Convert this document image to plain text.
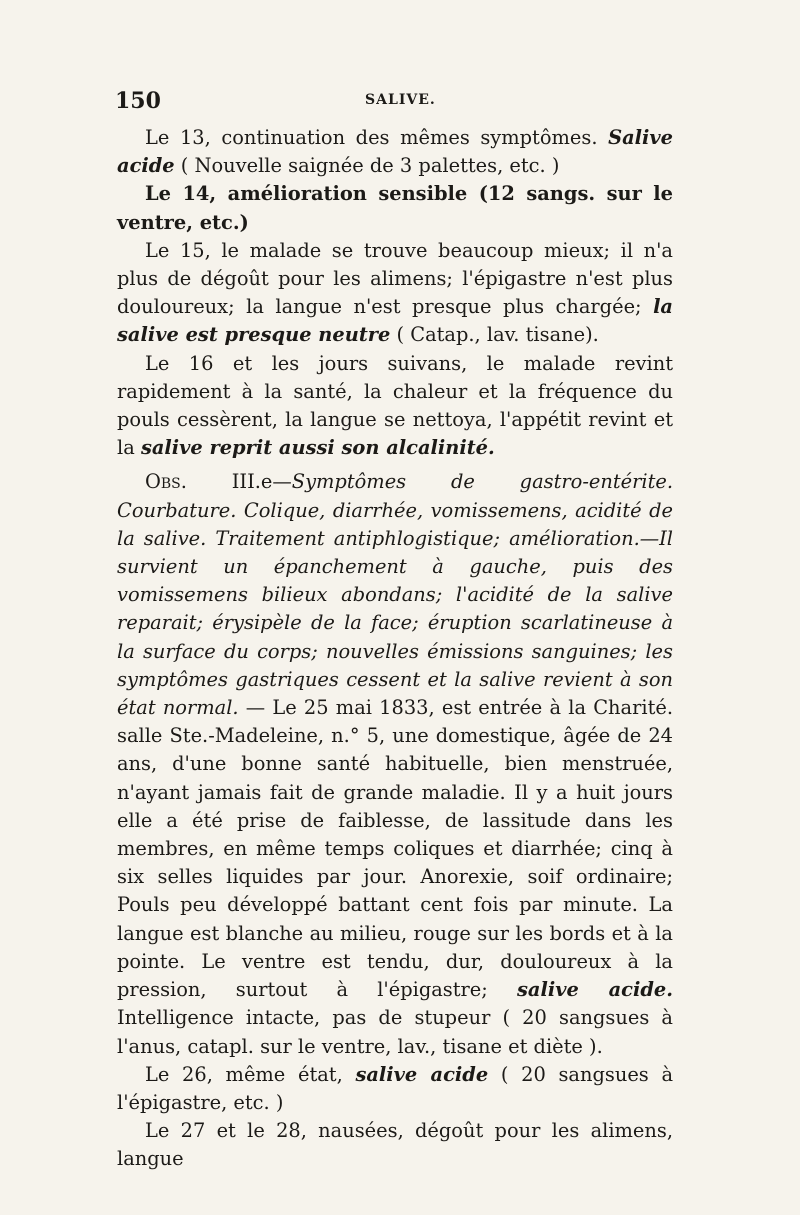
150	SALIVE.

Le 13, continuation des mêmes symptômes. Salive acide ( Nouvelle saignée de 3 palettes, etc. )

Le 14, amélioration sensible (12 sangs. sur le ventre, etc.)

Le 15, le malade se trouve beaucoup mieux; il n'a plus de dégoût pour les alimens; l'épigastre n'est plus douloureux; la langue n'est presque plus chargée; la salive est presque neutre ( Catap., lav. tisane).

Le 16 et les jours suivans, le malade revint rapidement à la santé, la chaleur et la fréquence du pouls cessèrent, la langue se nettoya, l'appétit revint et la salive reprit aussi son alcalinité.

Obs. III.e—Symptômes de gastro-entérite. Courbature. Colique, diarrhée, vomissemens, acidité de la salive. Traitement antiphlogistique; amélioration.—Il survient un épanchement à gauche, puis des vomissemens bilieux abondans; l'acidité de la salive reparait; érysipèle de la face; éruption scarlatineuse à la surface du corps; nouvelles émissions sanguines; les symptômes gastriques cessent et la salive revient à son état normal. — Le 25 mai 1833, est entrée à la Charité. salle Ste.-Madeleine, n.° 5, une domestique, âgée de 24 ans, d'une bonne santé habituelle, bien menstruée, n'ayant jamais fait de grande maladie. Il y a huit jours elle a été prise de faiblesse, de lassitude dans les membres, en même temps coliques et diarrhée; cinq à six selles liquides par jour. Anorexie, soif ordinaire; Pouls peu développé battant cent fois par minute. La langue est blanche au milieu, rouge sur les bords et à la pointe. Le ventre est tendu, dur, douloureux à la pression, surtout à l'épigastre; salive acide. Intelligence intacte, pas de stupeur ( 20 sangsues à l'anus, catapl. sur le ventre, lav., tisane et diète ).

Le 26, même état, salive acide ( 20 sangsues à l'épigastre, etc. )

Le 27 et le 28, nausées, dégoût pour les alimens, langue
